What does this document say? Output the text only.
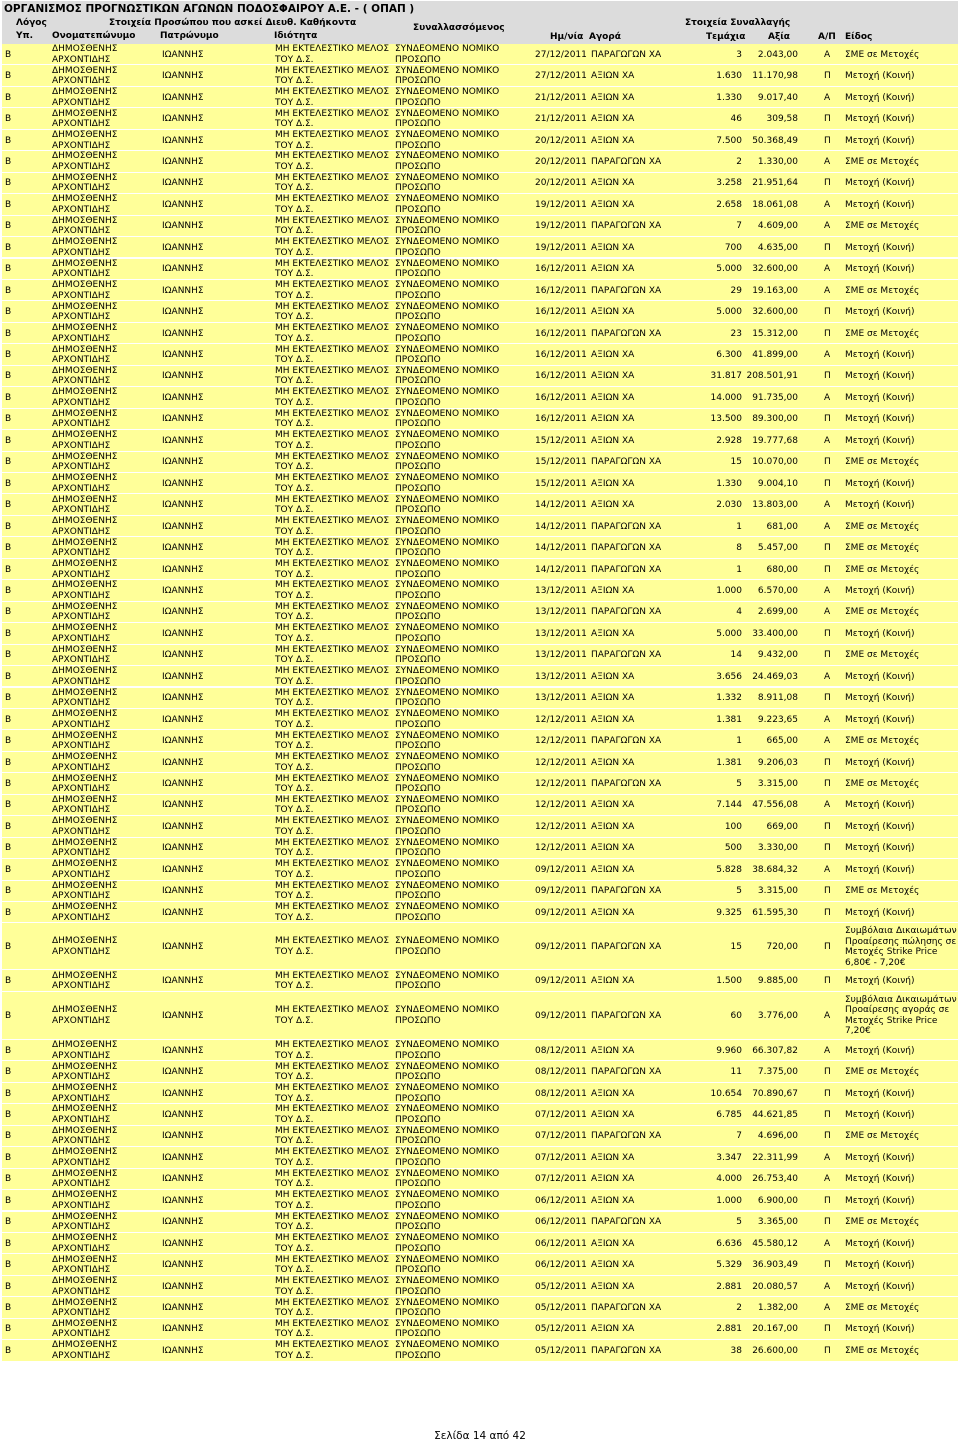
ΟΡΓΑΝΙΣΜΟΣ ΠΡΟΓΝΩΣΤΙΚΩΝ ΑΓΩΝΩΝ ΠΟΔΟΣΦΑΙΡΟΥ Α.Ε. - ( ΟΠΑΠ )
Λόγος	Στοιχεία Προσώπου που ασκεί Διευθ. Καθήκοντα	Στοιχεία Συναλλαγής
Συναλλασσόμενος
Υπ. Ονοματεπώνυμο	Πατρώνυμο	Ιδιότητα	Ημ/νία Αγορά	Τεμάχια	Αξία	Α/Π Είδος
Β
ΔΗΜΟΣΘΕΝΗΣ ΑΡΧΟΝΤΙΔΗΣ	ΙΩΑΝΝΗΣ
ΜΗ ΕΚΤΕΛΕΣΤΙΚΟ ΜΕΛΟΣ ΤΟΥ Δ.Σ.
ΣΥΝΔΕΟΜΕΝΟ ΝΟΜΙΚΟ ΠΡΟΣΩΠΟ	27/12/2011 ΠΑΡΑΓΩΓΩΝ ΧΑ	3 2.043,00	Α ΣΜΕ σε Μετοχές
Β
ΔΗΜΟΣΘΕΝΗΣ ΑΡΧΟΝΤΙΔΗΣ	ΙΩΑΝΝΗΣ
ΜΗ ΕΚΤΕΛΕΣΤΙΚΟ ΜΕΛΟΣ ΤΟΥ Δ.Σ.
ΣΥΝΔΕΟΜΕΝΟ ΝΟΜΙΚΟ ΠΡΟΣΩΠΟ	27/12/2011 ΑΞΙΩΝ ΧΑ	1.630 11.170,98	Π Μετοχή (Κοινή)
Β
ΔΗΜΟΣΘΕΝΗΣ ΑΡΧΟΝΤΙΔΗΣ	ΙΩΑΝΝΗΣ
ΜΗ ΕΚΤΕΛΕΣΤΙΚΟ ΜΕΛΟΣ ΤΟΥ Δ.Σ.
ΣΥΝΔΕΟΜΕΝΟ ΝΟΜΙΚΟ ΠΡΟΣΩΠΟ	21/12/2011 ΑΞΙΩΝ ΧΑ	1.330 9.017,40	Α Μετοχή (Κοινή)
Β
ΔΗΜΟΣΘΕΝΗΣ ΑΡΧΟΝΤΙΔΗΣ	ΙΩΑΝΝΗΣ
ΜΗ ΕΚΤΕΛΕΣΤΙΚΟ ΜΕΛΟΣ ΤΟΥ Δ.Σ.
ΣΥΝΔΕΟΜΕΝΟ ΝΟΜΙΚΟ ΠΡΟΣΩΠΟ	21/12/2011 ΑΞΙΩΝ ΧΑ	46	309,58	Π Μετοχή (Κοινή)
Β
ΔΗΜΟΣΘΕΝΗΣ ΑΡΧΟΝΤΙΔΗΣ	ΙΩΑΝΝΗΣ
ΜΗ ΕΚΤΕΛΕΣΤΙΚΟ ΜΕΛΟΣ ΤΟΥ Δ.Σ.
ΣΥΝΔΕΟΜΕΝΟ ΝΟΜΙΚΟ ΠΡΟΣΩΠΟ	20/12/2011 ΑΞΙΩΝ ΧΑ	7.500 50.368,49	Π Μετοχή (Κοινή)
Β
ΔΗΜΟΣΘΕΝΗΣ ΑΡΧΟΝΤΙΔΗΣ	ΙΩΑΝΝΗΣ
ΜΗ ΕΚΤΕΛΕΣΤΙΚΟ ΜΕΛΟΣ ΤΟΥ Δ.Σ.
ΣΥΝΔΕΟΜΕΝΟ ΝΟΜΙΚΟ ΠΡΟΣΩΠΟ	20/12/2011 ΠΑΡΑΓΩΓΩΝ ΧΑ	2 1.330,00	Α ΣΜΕ σε Μετοχές
Β
ΔΗΜΟΣΘΕΝΗΣ ΑΡΧΟΝΤΙΔΗΣ	ΙΩΑΝΝΗΣ
ΜΗ ΕΚΤΕΛΕΣΤΙΚΟ ΜΕΛΟΣ ΤΟΥ Δ.Σ.
ΣΥΝΔΕΟΜΕΝΟ ΝΟΜΙΚΟ ΠΡΟΣΩΠΟ	20/12/2011 ΑΞΙΩΝ ΧΑ	3.258 21.951,64	Π Μετοχή (Κοινή)
Β
ΔΗΜΟΣΘΕΝΗΣ ΑΡΧΟΝΤΙΔΗΣ	ΙΩΑΝΝΗΣ
ΜΗ ΕΚΤΕΛΕΣΤΙΚΟ ΜΕΛΟΣ ΤΟΥ Δ.Σ.
ΣΥΝΔΕΟΜΕΝΟ ΝΟΜΙΚΟ ΠΡΟΣΩΠΟ	19/12/2011 ΑΞΙΩΝ ΧΑ	2.658 18.061,08	Α Μετοχή (Κοινή)
Β
ΔΗΜΟΣΘΕΝΗΣ ΑΡΧΟΝΤΙΔΗΣ	ΙΩΑΝΝΗΣ
ΜΗ ΕΚΤΕΛΕΣΤΙΚΟ ΜΕΛΟΣ ΤΟΥ Δ.Σ.
ΣΥΝΔΕΟΜΕΝΟ ΝΟΜΙΚΟ ΠΡΟΣΩΠΟ	19/12/2011 ΠΑΡΑΓΩΓΩΝ ΧΑ	7 4.609,00	Α ΣΜΕ σε Μετοχές
Β
ΔΗΜΟΣΘΕΝΗΣ ΑΡΧΟΝΤΙΔΗΣ	ΙΩΑΝΝΗΣ
ΜΗ ΕΚΤΕΛΕΣΤΙΚΟ ΜΕΛΟΣ ΤΟΥ Δ.Σ.
ΣΥΝΔΕΟΜΕΝΟ ΝΟΜΙΚΟ ΠΡΟΣΩΠΟ	19/12/2011 ΑΞΙΩΝ ΧΑ	700 4.635,00	Π Μετοχή (Κοινή)
Β
ΔΗΜΟΣΘΕΝΗΣ ΑΡΧΟΝΤΙΔΗΣ	ΙΩΑΝΝΗΣ
ΜΗ ΕΚΤΕΛΕΣΤΙΚΟ ΜΕΛΟΣ ΤΟΥ Δ.Σ.
ΣΥΝΔΕΟΜΕΝΟ ΝΟΜΙΚΟ ΠΡΟΣΩΠΟ	16/12/2011 ΑΞΙΩΝ ΧΑ	5.000 32.600,00	Α Μετοχή (Κοινή)
Β
ΔΗΜΟΣΘΕΝΗΣ ΑΡΧΟΝΤΙΔΗΣ	ΙΩΑΝΝΗΣ
ΜΗ ΕΚΤΕΛΕΣΤΙΚΟ ΜΕΛΟΣ ΤΟΥ Δ.Σ.
ΣΥΝΔΕΟΜΕΝΟ ΝΟΜΙΚΟ ΠΡΟΣΩΠΟ	16/12/2011 ΠΑΡΑΓΩΓΩΝ ΧΑ	29 19.163,00	Α ΣΜΕ σε Μετοχές
Β
ΔΗΜΟΣΘΕΝΗΣ ΑΡΧΟΝΤΙΔΗΣ	ΙΩΑΝΝΗΣ
ΜΗ ΕΚΤΕΛΕΣΤΙΚΟ ΜΕΛΟΣ ΤΟΥ Δ.Σ.
ΣΥΝΔΕΟΜΕΝΟ ΝΟΜΙΚΟ ΠΡΟΣΩΠΟ	16/12/2011 ΑΞΙΩΝ ΧΑ	5.000 32.600,00	Π Μετοχή (Κοινή)
Β
ΔΗΜΟΣΘΕΝΗΣ ΑΡΧΟΝΤΙΔΗΣ	ΙΩΑΝΝΗΣ
ΜΗ ΕΚΤΕΛΕΣΤΙΚΟ ΜΕΛΟΣ ΤΟΥ Δ.Σ.
ΣΥΝΔΕΟΜΕΝΟ ΝΟΜΙΚΟ ΠΡΟΣΩΠΟ	16/12/2011 ΠΑΡΑΓΩΓΩΝ ΧΑ	23 15.312,00	Π ΣΜΕ σε Μετοχές
Β
ΔΗΜΟΣΘΕΝΗΣ ΑΡΧΟΝΤΙΔΗΣ	ΙΩΑΝΝΗΣ
ΜΗ ΕΚΤΕΛΕΣΤΙΚΟ ΜΕΛΟΣ ΤΟΥ Δ.Σ.
ΣΥΝΔΕΟΜΕΝΟ ΝΟΜΙΚΟ ΠΡΟΣΩΠΟ	16/12/2011 ΑΞΙΩΝ ΧΑ	6.300 41.899,00	Α Μετοχή (Κοινή)
Β
ΔΗΜΟΣΘΕΝΗΣ ΑΡΧΟΝΤΙΔΗΣ	ΙΩΑΝΝΗΣ
ΜΗ ΕΚΤΕΛΕΣΤΙΚΟ ΜΕΛΟΣ ΤΟΥ Δ.Σ.
ΣΥΝΔΕΟΜΕΝΟ ΝΟΜΙΚΟ ΠΡΟΣΩΠΟ	16/12/2011 ΑΞΙΩΝ ΧΑ	31.817 208.501,91	Π Μετοχή (Κοινή)
Β
ΔΗΜΟΣΘΕΝΗΣ ΑΡΧΟΝΤΙΔΗΣ	ΙΩΑΝΝΗΣ
ΜΗ ΕΚΤΕΛΕΣΤΙΚΟ ΜΕΛΟΣ ΤΟΥ Δ.Σ.
ΣΥΝΔΕΟΜΕΝΟ ΝΟΜΙΚΟ ΠΡΟΣΩΠΟ	16/12/2011 ΑΞΙΩΝ ΧΑ	14.000 91.735,00	Α Μετοχή (Κοινή)
Β
ΔΗΜΟΣΘΕΝΗΣ ΑΡΧΟΝΤΙΔΗΣ	ΙΩΑΝΝΗΣ
ΜΗ ΕΚΤΕΛΕΣΤΙΚΟ ΜΕΛΟΣ ΤΟΥ Δ.Σ.
ΣΥΝΔΕΟΜΕΝΟ ΝΟΜΙΚΟ ΠΡΟΣΩΠΟ	16/12/2011 ΑΞΙΩΝ ΧΑ	13.500 89.300,00	Π Μετοχή (Κοινή)
Β
ΔΗΜΟΣΘΕΝΗΣ ΑΡΧΟΝΤΙΔΗΣ	ΙΩΑΝΝΗΣ
ΜΗ ΕΚΤΕΛΕΣΤΙΚΟ ΜΕΛΟΣ ΤΟΥ Δ.Σ.
ΣΥΝΔΕΟΜΕΝΟ ΝΟΜΙΚΟ ΠΡΟΣΩΠΟ	15/12/2011 ΑΞΙΩΝ ΧΑ	2.928 19.777,68	Α Μετοχή (Κοινή)
Β
ΔΗΜΟΣΘΕΝΗΣ ΑΡΧΟΝΤΙΔΗΣ	ΙΩΑΝΝΗΣ
ΜΗ ΕΚΤΕΛΕΣΤΙΚΟ ΜΕΛΟΣ ΤΟΥ Δ.Σ.
ΣΥΝΔΕΟΜΕΝΟ ΝΟΜΙΚΟ ΠΡΟΣΩΠΟ	15/12/2011 ΠΑΡΑΓΩΓΩΝ ΧΑ	15 10.070,00	Π ΣΜΕ σε Μετοχές
Β
ΔΗΜΟΣΘΕΝΗΣ ΑΡΧΟΝΤΙΔΗΣ	ΙΩΑΝΝΗΣ
ΜΗ ΕΚΤΕΛΕΣΤΙΚΟ ΜΕΛΟΣ ΤΟΥ Δ.Σ.
ΣΥΝΔΕΟΜΕΝΟ ΝΟΜΙΚΟ ΠΡΟΣΩΠΟ	15/12/2011 ΑΞΙΩΝ ΧΑ	1.330 9.004,10	Π Μετοχή (Κοινή)
Β
ΔΗΜΟΣΘΕΝΗΣ ΑΡΧΟΝΤΙΔΗΣ	ΙΩΑΝΝΗΣ
ΜΗ ΕΚΤΕΛΕΣΤΙΚΟ ΜΕΛΟΣ ΤΟΥ Δ.Σ.
ΣΥΝΔΕΟΜΕΝΟ ΝΟΜΙΚΟ ΠΡΟΣΩΠΟ	14/12/2011 ΑΞΙΩΝ ΧΑ	2.030 13.803,00	Α Μετοχή (Κοινή)
Β
ΔΗΜΟΣΘΕΝΗΣ ΑΡΧΟΝΤΙΔΗΣ	ΙΩΑΝΝΗΣ
ΜΗ ΕΚΤΕΛΕΣΤΙΚΟ ΜΕΛΟΣ ΤΟΥ Δ.Σ.
ΣΥΝΔΕΟΜΕΝΟ ΝΟΜΙΚΟ ΠΡΟΣΩΠΟ	14/12/2011 ΠΑΡΑΓΩΓΩΝ ΧΑ	1	681,00	Α ΣΜΕ σε Μετοχές
Β
ΔΗΜΟΣΘΕΝΗΣ ΑΡΧΟΝΤΙΔΗΣ	ΙΩΑΝΝΗΣ
ΜΗ ΕΚΤΕΛΕΣΤΙΚΟ ΜΕΛΟΣ ΤΟΥ Δ.Σ.
ΣΥΝΔΕΟΜΕΝΟ ΝΟΜΙΚΟ ΠΡΟΣΩΠΟ	14/12/2011 ΠΑΡΑΓΩΓΩΝ ΧΑ	8 5.457,00	Π ΣΜΕ σε Μετοχές
Β
ΔΗΜΟΣΘΕΝΗΣ ΑΡΧΟΝΤΙΔΗΣ	ΙΩΑΝΝΗΣ
ΜΗ ΕΚΤΕΛΕΣΤΙΚΟ ΜΕΛΟΣ ΤΟΥ Δ.Σ.
ΣΥΝΔΕΟΜΕΝΟ ΝΟΜΙΚΟ ΠΡΟΣΩΠΟ	14/12/2011 ΠΑΡΑΓΩΓΩΝ ΧΑ	1	680,00	Π ΣΜΕ σε Μετοχές
Β
ΔΗΜΟΣΘΕΝΗΣ ΑΡΧΟΝΤΙΔΗΣ	ΙΩΑΝΝΗΣ
ΜΗ ΕΚΤΕΛΕΣΤΙΚΟ ΜΕΛΟΣ ΤΟΥ Δ.Σ.
ΣΥΝΔΕΟΜΕΝΟ ΝΟΜΙΚΟ ΠΡΟΣΩΠΟ	13/12/2011 ΑΞΙΩΝ ΧΑ	1.000 6.570,00	Α Μετοχή (Κοινή)
Β
ΔΗΜΟΣΘΕΝΗΣ ΑΡΧΟΝΤΙΔΗΣ	ΙΩΑΝΝΗΣ
ΜΗ ΕΚΤΕΛΕΣΤΙΚΟ ΜΕΛΟΣ ΤΟΥ Δ.Σ.
ΣΥΝΔΕΟΜΕΝΟ ΝΟΜΙΚΟ ΠΡΟΣΩΠΟ	13/12/2011 ΠΑΡΑΓΩΓΩΝ ΧΑ	4 2.699,00	Α ΣΜΕ σε Μετοχές
Β
ΔΗΜΟΣΘΕΝΗΣ ΑΡΧΟΝΤΙΔΗΣ	ΙΩΑΝΝΗΣ
ΜΗ ΕΚΤΕΛΕΣΤΙΚΟ ΜΕΛΟΣ ΤΟΥ Δ.Σ.
ΣΥΝΔΕΟΜΕΝΟ ΝΟΜΙΚΟ ΠΡΟΣΩΠΟ	13/12/2011 ΑΞΙΩΝ ΧΑ	5.000 33.400,00	Π Μετοχή (Κοινή)
Β
ΔΗΜΟΣΘΕΝΗΣ ΑΡΧΟΝΤΙΔΗΣ	ΙΩΑΝΝΗΣ
ΜΗ ΕΚΤΕΛΕΣΤΙΚΟ ΜΕΛΟΣ ΤΟΥ Δ.Σ.
ΣΥΝΔΕΟΜΕΝΟ ΝΟΜΙΚΟ ΠΡΟΣΩΠΟ	13/12/2011 ΠΑΡΑΓΩΓΩΝ ΧΑ	14 9.432,00	Π ΣΜΕ σε Μετοχές
Β
ΔΗΜΟΣΘΕΝΗΣ ΑΡΧΟΝΤΙΔΗΣ	ΙΩΑΝΝΗΣ
ΜΗ ΕΚΤΕΛΕΣΤΙΚΟ ΜΕΛΟΣ ΤΟΥ Δ.Σ.
ΣΥΝΔΕΟΜΕΝΟ ΝΟΜΙΚΟ ΠΡΟΣΩΠΟ	13/12/2011 ΑΞΙΩΝ ΧΑ	3.656 24.469,03	Α Μετοχή (Κοινή)
Β
ΔΗΜΟΣΘΕΝΗΣ ΑΡΧΟΝΤΙΔΗΣ	ΙΩΑΝΝΗΣ
ΜΗ ΕΚΤΕΛΕΣΤΙΚΟ ΜΕΛΟΣ ΤΟΥ Δ.Σ.
ΣΥΝΔΕΟΜΕΝΟ ΝΟΜΙΚΟ ΠΡΟΣΩΠΟ	13/12/2011 ΑΞΙΩΝ ΧΑ	1.332 8.911,08	Π Μετοχή (Κοινή)
Β
ΔΗΜΟΣΘΕΝΗΣ ΑΡΧΟΝΤΙΔΗΣ	ΙΩΑΝΝΗΣ
ΜΗ ΕΚΤΕΛΕΣΤΙΚΟ ΜΕΛΟΣ ΤΟΥ Δ.Σ.
ΣΥΝΔΕΟΜΕΝΟ ΝΟΜΙΚΟ ΠΡΟΣΩΠΟ	12/12/2011 ΑΞΙΩΝ ΧΑ	1.381 9.223,65	Α Μετοχή (Κοινή)
Β
ΔΗΜΟΣΘΕΝΗΣ ΑΡΧΟΝΤΙΔΗΣ	ΙΩΑΝΝΗΣ
ΜΗ ΕΚΤΕΛΕΣΤΙΚΟ ΜΕΛΟΣ ΤΟΥ Δ.Σ.
ΣΥΝΔΕΟΜΕΝΟ ΝΟΜΙΚΟ ΠΡΟΣΩΠΟ	12/12/2011 ΠΑΡΑΓΩΓΩΝ ΧΑ	1	665,00	Α ΣΜΕ σε Μετοχές
Β
ΔΗΜΟΣΘΕΝΗΣ ΑΡΧΟΝΤΙΔΗΣ	ΙΩΑΝΝΗΣ
ΜΗ ΕΚΤΕΛΕΣΤΙΚΟ ΜΕΛΟΣ ΤΟΥ Δ.Σ.
ΣΥΝΔΕΟΜΕΝΟ ΝΟΜΙΚΟ ΠΡΟΣΩΠΟ	12/12/2011 ΑΞΙΩΝ ΧΑ	1.381 9.206,03	Π Μετοχή (Κοινή)
Β
ΔΗΜΟΣΘΕΝΗΣ ΑΡΧΟΝΤΙΔΗΣ	ΙΩΑΝΝΗΣ
ΜΗ ΕΚΤΕΛΕΣΤΙΚΟ ΜΕΛΟΣ ΤΟΥ Δ.Σ.
ΣΥΝΔΕΟΜΕΝΟ ΝΟΜΙΚΟ ΠΡΟΣΩΠΟ	12/12/2011 ΠΑΡΑΓΩΓΩΝ ΧΑ	5 3.315,00	Π ΣΜΕ σε Μετοχές
Β
ΔΗΜΟΣΘΕΝΗΣ ΑΡΧΟΝΤΙΔΗΣ	ΙΩΑΝΝΗΣ
ΜΗ ΕΚΤΕΛΕΣΤΙΚΟ ΜΕΛΟΣ ΤΟΥ Δ.Σ.
ΣΥΝΔΕΟΜΕΝΟ ΝΟΜΙΚΟ ΠΡΟΣΩΠΟ	12/12/2011 ΑΞΙΩΝ ΧΑ	7.144 47.556,08	Α Μετοχή (Κοινή)
Β
ΔΗΜΟΣΘΕΝΗΣ ΑΡΧΟΝΤΙΔΗΣ	ΙΩΑΝΝΗΣ
ΜΗ ΕΚΤΕΛΕΣΤΙΚΟ ΜΕΛΟΣ ΤΟΥ Δ.Σ.
ΣΥΝΔΕΟΜΕΝΟ ΝΟΜΙΚΟ ΠΡΟΣΩΠΟ	12/12/2011 ΑΞΙΩΝ ΧΑ	100	669,00	Π Μετοχή (Κοινή)
Β
ΔΗΜΟΣΘΕΝΗΣ ΑΡΧΟΝΤΙΔΗΣ	ΙΩΑΝΝΗΣ
ΜΗ ΕΚΤΕΛΕΣΤΙΚΟ ΜΕΛΟΣ ΤΟΥ Δ.Σ.
ΣΥΝΔΕΟΜΕΝΟ ΝΟΜΙΚΟ ΠΡΟΣΩΠΟ	12/12/2011 ΑΞΙΩΝ ΧΑ	500 3.330,00	Π Μετοχή (Κοινή)
Β
ΔΗΜΟΣΘΕΝΗΣ ΑΡΧΟΝΤΙΔΗΣ	ΙΩΑΝΝΗΣ
ΜΗ ΕΚΤΕΛΕΣΤΙΚΟ ΜΕΛΟΣ ΤΟΥ Δ.Σ.
ΣΥΝΔΕΟΜΕΝΟ ΝΟΜΙΚΟ ΠΡΟΣΩΠΟ	09/12/2011 ΑΞΙΩΝ ΧΑ	5.828 38.684,32	Α Μετοχή (Κοινή)
Β
ΔΗΜΟΣΘΕΝΗΣ ΑΡΧΟΝΤΙΔΗΣ	ΙΩΑΝΝΗΣ
ΜΗ ΕΚΤΕΛΕΣΤΙΚΟ ΜΕΛΟΣ ΤΟΥ Δ.Σ.
ΣΥΝΔΕΟΜΕΝΟ ΝΟΜΙΚΟ ΠΡΟΣΩΠΟ	09/12/2011 ΠΑΡΑΓΩΓΩΝ ΧΑ	5 3.315,00	Π ΣΜΕ σε Μετοχές
Β
ΔΗΜΟΣΘΕΝΗΣ ΑΡΧΟΝΤΙΔΗΣ	ΙΩΑΝΝΗΣ
ΜΗ ΕΚΤΕΛΕΣΤΙΚΟ ΜΕΛΟΣ ΤΟΥ Δ.Σ.
ΣΥΝΔΕΟΜΕΝΟ ΝΟΜΙΚΟ ΠΡΟΣΩΠΟ	09/12/2011 ΑΞΙΩΝ ΧΑ	9.325 61.595,30	Π Μετοχή (Κοινή)
Β
ΔΗΜΟΣΘΕΝΗΣ ΑΡΧΟΝΤΙΔΗΣ	ΙΩΑΝΝΗΣ
ΜΗ ΕΚΤΕΛΕΣΤΙΚΟ ΜΕΛΟΣ ΤΟΥ Δ.Σ.
ΣΥΝΔΕΟΜΕΝΟ ΝΟΜΙΚΟ ΠΡΟΣΩΠΟ	09/12/2011 ΠΑΡΑΓΩΓΩΝ ΧΑ	15	720,00	Π
Συμβόλαια Δικαιωμάτων Προαίρεσης πώλησης σε Μετοχές Strike Price 6,80€ - 7,20€
Β
ΔΗΜΟΣΘΕΝΗΣ ΑΡΧΟΝΤΙΔΗΣ	ΙΩΑΝΝΗΣ
ΜΗ ΕΚΤΕΛΕΣΤΙΚΟ ΜΕΛΟΣ ΤΟΥ Δ.Σ.
ΣΥΝΔΕΟΜΕΝΟ ΝΟΜΙΚΟ ΠΡΟΣΩΠΟ	09/12/2011 ΑΞΙΩΝ ΧΑ	1.500 9.885,00	Π Μετοχή (Κοινή)
Β
ΔΗΜΟΣΘΕΝΗΣ ΑΡΧΟΝΤΙΔΗΣ	ΙΩΑΝΝΗΣ
ΜΗ ΕΚΤΕΛΕΣΤΙΚΟ ΜΕΛΟΣ ΤΟΥ Δ.Σ.
ΣΥΝΔΕΟΜΕΝΟ ΝΟΜΙΚΟ ΠΡΟΣΩΠΟ	09/12/2011 ΠΑΡΑΓΩΓΩΝ ΧΑ	60 3.776,00	Α
Συμβόλαια Δικαιωμάτων Προαίρεσης αγοράς σε Μετοχές Strike Price 7,20€
Β
ΔΗΜΟΣΘΕΝΗΣ ΑΡΧΟΝΤΙΔΗΣ	ΙΩΑΝΝΗΣ
ΜΗ ΕΚΤΕΛΕΣΤΙΚΟ ΜΕΛΟΣ ΤΟΥ Δ.Σ.
ΣΥΝΔΕΟΜΕΝΟ ΝΟΜΙΚΟ ΠΡΟΣΩΠΟ	08/12/2011 ΑΞΙΩΝ ΧΑ	9.960 66.307,82	Α Μετοχή (Κοινή)
Β
ΔΗΜΟΣΘΕΝΗΣ ΑΡΧΟΝΤΙΔΗΣ	ΙΩΑΝΝΗΣ
ΜΗ ΕΚΤΕΛΕΣΤΙΚΟ ΜΕΛΟΣ ΤΟΥ Δ.Σ.
ΣΥΝΔΕΟΜΕΝΟ ΝΟΜΙΚΟ ΠΡΟΣΩΠΟ	08/12/2011 ΠΑΡΑΓΩΓΩΝ ΧΑ	11 7.375,00	Π ΣΜΕ σε Μετοχές
Β
ΔΗΜΟΣΘΕΝΗΣ ΑΡΧΟΝΤΙΔΗΣ	ΙΩΑΝΝΗΣ
ΜΗ ΕΚΤΕΛΕΣΤΙΚΟ ΜΕΛΟΣ ΤΟΥ Δ.Σ.
ΣΥΝΔΕΟΜΕΝΟ ΝΟΜΙΚΟ ΠΡΟΣΩΠΟ	08/12/2011 ΑΞΙΩΝ ΧΑ	10.654 70.890,67	Π Μετοχή (Κοινή)
Β
ΔΗΜΟΣΘΕΝΗΣ ΑΡΧΟΝΤΙΔΗΣ	ΙΩΑΝΝΗΣ
ΜΗ ΕΚΤΕΛΕΣΤΙΚΟ ΜΕΛΟΣ ΤΟΥ Δ.Σ.
ΣΥΝΔΕΟΜΕΝΟ ΝΟΜΙΚΟ ΠΡΟΣΩΠΟ	07/12/2011 ΑΞΙΩΝ ΧΑ	6.785 44.621,85	Π Μετοχή (Κοινή)
Β
ΔΗΜΟΣΘΕΝΗΣ ΑΡΧΟΝΤΙΔΗΣ	ΙΩΑΝΝΗΣ
ΜΗ ΕΚΤΕΛΕΣΤΙΚΟ ΜΕΛΟΣ ΤΟΥ Δ.Σ.
ΣΥΝΔΕΟΜΕΝΟ ΝΟΜΙΚΟ ΠΡΟΣΩΠΟ	07/12/2011 ΠΑΡΑΓΩΓΩΝ ΧΑ	7 4.696,00	Π ΣΜΕ σε Μετοχές
Β
ΔΗΜΟΣΘΕΝΗΣ ΑΡΧΟΝΤΙΔΗΣ	ΙΩΑΝΝΗΣ
ΜΗ ΕΚΤΕΛΕΣΤΙΚΟ ΜΕΛΟΣ ΤΟΥ Δ.Σ.
ΣΥΝΔΕΟΜΕΝΟ ΝΟΜΙΚΟ ΠΡΟΣΩΠΟ	07/12/2011 ΑΞΙΩΝ ΧΑ	3.347 22.311,99	Α Μετοχή (Κοινή)
Β
ΔΗΜΟΣΘΕΝΗΣ ΑΡΧΟΝΤΙΔΗΣ	ΙΩΑΝΝΗΣ
ΜΗ ΕΚΤΕΛΕΣΤΙΚΟ ΜΕΛΟΣ ΤΟΥ Δ.Σ.
ΣΥΝΔΕΟΜΕΝΟ ΝΟΜΙΚΟ ΠΡΟΣΩΠΟ	07/12/2011 ΑΞΙΩΝ ΧΑ	4.000 26.753,40	Α Μετοχή (Κοινή)
Β
ΔΗΜΟΣΘΕΝΗΣ ΑΡΧΟΝΤΙΔΗΣ	ΙΩΑΝΝΗΣ
ΜΗ ΕΚΤΕΛΕΣΤΙΚΟ ΜΕΛΟΣ ΤΟΥ Δ.Σ.
ΣΥΝΔΕΟΜΕΝΟ ΝΟΜΙΚΟ ΠΡΟΣΩΠΟ	06/12/2011 ΑΞΙΩΝ ΧΑ	1.000 6.900,00	Π Μετοχή (Κοινή)
Β
ΔΗΜΟΣΘΕΝΗΣ ΑΡΧΟΝΤΙΔΗΣ	ΙΩΑΝΝΗΣ
ΜΗ ΕΚΤΕΛΕΣΤΙΚΟ ΜΕΛΟΣ ΤΟΥ Δ.Σ.
ΣΥΝΔΕΟΜΕΝΟ ΝΟΜΙΚΟ ΠΡΟΣΩΠΟ	06/12/2011 ΠΑΡΑΓΩΓΩΝ ΧΑ	5 3.365,00	Π ΣΜΕ σε Μετοχές
Β
ΔΗΜΟΣΘΕΝΗΣ ΑΡΧΟΝΤΙΔΗΣ	ΙΩΑΝΝΗΣ
ΜΗ ΕΚΤΕΛΕΣΤΙΚΟ ΜΕΛΟΣ ΤΟΥ Δ.Σ.
ΣΥΝΔΕΟΜΕΝΟ ΝΟΜΙΚΟ ΠΡΟΣΩΠΟ	06/12/2011 ΑΞΙΩΝ ΧΑ	6.636 45.580,12	Α Μετοχή (Κοινή)
Β
ΔΗΜΟΣΘΕΝΗΣ ΑΡΧΟΝΤΙΔΗΣ	ΙΩΑΝΝΗΣ
ΜΗ ΕΚΤΕΛΕΣΤΙΚΟ ΜΕΛΟΣ ΤΟΥ Δ.Σ.
ΣΥΝΔΕΟΜΕΝΟ ΝΟΜΙΚΟ ΠΡΟΣΩΠΟ	06/12/2011 ΑΞΙΩΝ ΧΑ	5.329 36.903,49	Π Μετοχή (Κοινή)
Β
ΔΗΜΟΣΘΕΝΗΣ ΑΡΧΟΝΤΙΔΗΣ	ΙΩΑΝΝΗΣ
ΜΗ ΕΚΤΕΛΕΣΤΙΚΟ ΜΕΛΟΣ ΤΟΥ Δ.Σ.
ΣΥΝΔΕΟΜΕΝΟ ΝΟΜΙΚΟ ΠΡΟΣΩΠΟ	05/12/2011 ΑΞΙΩΝ ΧΑ	2.881 20.080,57	Α Μετοχή (Κοινή)
Β
ΔΗΜΟΣΘΕΝΗΣ ΑΡΧΟΝΤΙΔΗΣ	ΙΩΑΝΝΗΣ
ΜΗ ΕΚΤΕΛΕΣΤΙΚΟ ΜΕΛΟΣ ΤΟΥ Δ.Σ.
ΣΥΝΔΕΟΜΕΝΟ ΝΟΜΙΚΟ ΠΡΟΣΩΠΟ	05/12/2011 ΠΑΡΑΓΩΓΩΝ ΧΑ	2 1.382,00	Α ΣΜΕ σε Μετοχές
Β
ΔΗΜΟΣΘΕΝΗΣ ΑΡΧΟΝΤΙΔΗΣ	ΙΩΑΝΝΗΣ
ΜΗ ΕΚΤΕΛΕΣΤΙΚΟ ΜΕΛΟΣ ΤΟΥ Δ.Σ.
ΣΥΝΔΕΟΜΕΝΟ ΝΟΜΙΚΟ ΠΡΟΣΩΠΟ	05/12/2011 ΑΞΙΩΝ ΧΑ	2.881 20.167,00	Π Μετοχή (Κοινή)
Β
ΔΗΜΟΣΘΕΝΗΣ ΑΡΧΟΝΤΙΔΗΣ	ΙΩΑΝΝΗΣ
ΜΗ ΕΚΤΕΛΕΣΤΙΚΟ ΜΕΛΟΣ ΤΟΥ Δ.Σ.
ΣΥΝΔΕΟΜΕΝΟ ΝΟΜΙΚΟ ΠΡΟΣΩΠΟ	05/12/2011 ΠΑΡΑΓΩΓΩΝ ΧΑ	38 26.600,00	Π ΣΜΕ σε Μετοχές
Σελίδα 14 από 42
